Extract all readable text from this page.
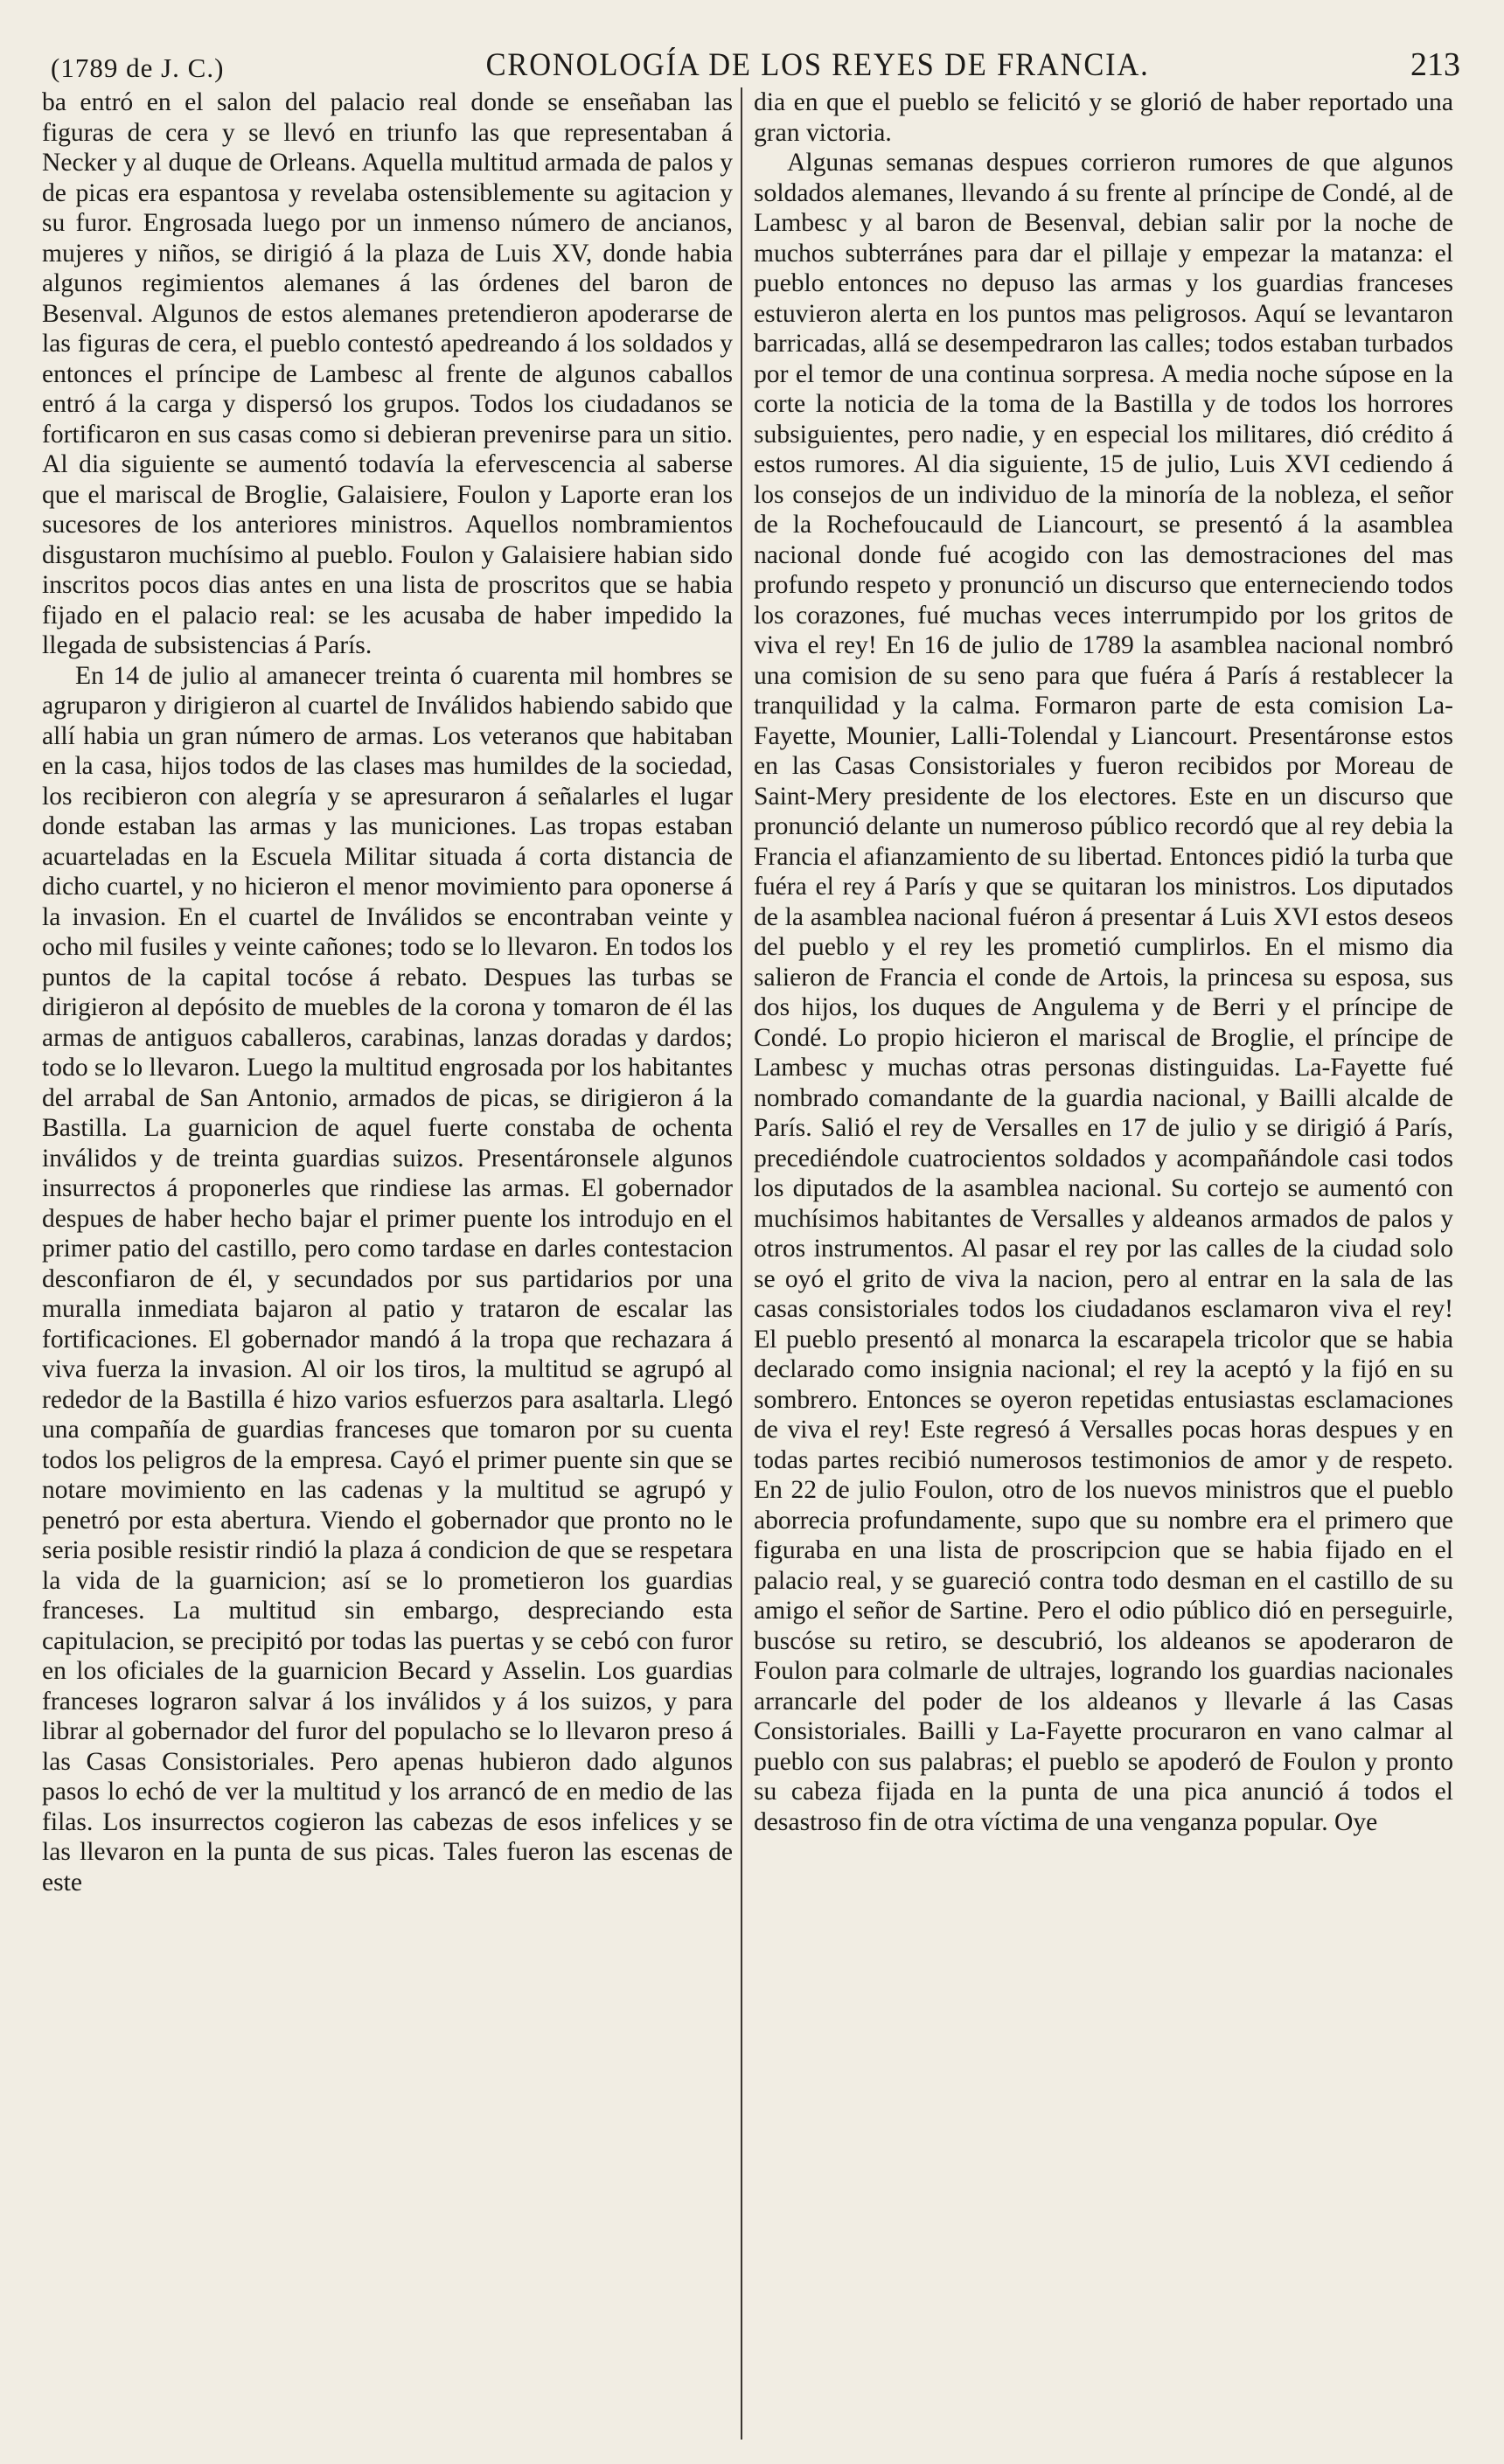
(1789 de J. C.)	CRONOLOGÍA DE LOS REYES DE FRANCIA.	213

ba entró en el salon del palacio real donde se enseñaban las figuras de cera y se llevó en triunfo las que representaban á Necker y al duque de Orleans. Aquella multitud armada de palos y de picas era espantosa y revelaba ostensiblemente su agitacion y su furor. Engrosada luego por un inmenso número de ancianos, mujeres y niños, se dirigió á la plaza de Luis XV, donde habia algunos regimientos alemanes á las órdenes del baron de Besenval. Algunos de estos alemanes pretendieron apoderarse de las figuras de cera, el pueblo contestó apedreando á los soldados y entonces el príncipe de Lambesc al frente de algunos caballos entró á la carga y dispersó los grupos. Todos los ciudadanos se fortificaron en sus casas como si debieran prevenirse para un sitio. Al dia siguiente se aumentó todavía la efervescencia al saberse que el mariscal de Broglie, Galaisiere, Foulon y Laporte eran los sucesores de los anteriores ministros. Aquellos nombramientos disgustaron muchísimo al pueblo. Foulon y Galaisiere habian sido inscritos pocos dias antes en una lista de proscritos que se habia fijado en el palacio real: se les acusaba de haber impedido la llegada de subsistencias á París.

En 14 de julio al amanecer treinta ó cuarenta mil hombres se agruparon y dirigieron al cuartel de Inválidos habiendo sabido que allí habia un gran número de armas. Los veteranos que habitaban en la casa, hijos todos de las clases mas humildes de la sociedad, los recibieron con alegría y se apresuraron á señalarles el lugar donde estaban las armas y las municiones. Las tropas estaban acuarteladas en la Escuela Militar situada á corta distancia de dicho cuartel, y no hicieron el menor movimiento para oponerse á la invasion. En el cuartel de Inválidos se encontraban veinte y ocho mil fusiles y veinte cañones; todo se lo llevaron. En todos los puntos de la capital tocóse á rebato. Despues las turbas se dirigieron al depósito de muebles de la corona y tomaron de él las armas de antiguos caballeros, carabinas, lanzas doradas y dardos; todo se lo llevaron. Luego la multitud engrosada por los habitantes del arrabal de San Antonio, armados de picas, se dirigieron á la Bastilla. La guarnicion de aquel fuerte constaba de ochenta inválidos y de treinta guardias suizos. Presentáronsele algunos insurrectos á proponerles que rindiese las armas. El gobernador despues de haber hecho bajar el primer puente los introdujo en el primer patio del castillo, pero como tardase en darles contestacion desconfiaron de él, y secundados por sus partidarios por una muralla inmediata bajaron al patio y trataron de escalar las fortificaciones. El gobernador mandó á la tropa que rechazara á viva fuerza la invasion. Al oir los tiros, la multitud se agrupó al rededor de la Bastilla é hizo varios esfuerzos para asaltarla. Llegó una compañía de guardias franceses que tomaron por su cuenta todos los peligros de la empresa. Cayó el primer puente sin que se notare movimiento en las cadenas y la multitud se agrupó y penetró por esta abertura. Viendo el gobernador que pronto no le seria posible resistir rindió la plaza á condicion de que se respetara la vida de la guarnicion; así se lo prometieron los guardias franceses. La multitud sin embargo, despreciando esta capitulacion, se precipitó por todas las puertas y se cebó con furor en los oficiales de la guarnicion Becard y Asselin. Los guardias franceses lograron salvar á los inválidos y á los suizos, y para librar al gobernador del furor del populacho se lo llevaron preso á las Casas Consistoriales. Pero apenas hubieron dado algunos pasos lo echó de ver la multitud y los arrancó de en medio de las filas. Los insurrectos cogieron las cabezas de esos infelices y se las llevaron en la punta de sus picas. Tales fueron las escenas de este

dia en que el pueblo se felicitó y se glorió de haber reportado una gran victoria.

Algunas semanas despues corrieron rumores de que algunos soldados alemanes, llevando á su frente al príncipe de Condé, al de Lambesc y al baron de Besenval, debian salir por la noche de muchos subterránes para dar el pillaje y empezar la matanza: el pueblo entonces no depuso las armas y los guardias franceses estuvieron alerta en los puntos mas peligrosos. Aquí se levantaron barricadas, allá se desempedraron las calles; todos estaban turbados por el temor de una continua sorpresa. A media noche súpose en la corte la noticia de la toma de la Bastilla y de todos los horrores subsiguientes, pero nadie, y en especial los militares, dió crédito á estos rumores. Al dia siguiente, 15 de julio, Luis XVI cediendo á los consejos de un individuo de la minoría de la nobleza, el señor de la Rochefoucauld de Liancourt, se presentó á la asamblea nacional donde fué acogido con las demostraciones del mas profundo respeto y pronunció un discurso que enterneciendo todos los corazones, fué muchas veces interrumpido por los gritos de viva el rey! En 16 de julio de 1789 la asamblea nacional nombró una comision de su seno para que fuéra á París á restablecer la tranquilidad y la calma. Formaron parte de esta comision La-Fayette, Mounier, Lalli-Tolendal y Liancourt. Presentáronse estos en las Casas Consistoriales y fueron recibidos por Moreau de Saint-Mery presidente de los electores. Este en un discurso que pronunció delante un numeroso público recordó que al rey debia la Francia el afianzamiento de su libertad. Entonces pidió la turba que fuéra el rey á París y que se quitaran los ministros. Los diputados de la asamblea nacional fuéron á presentar á Luis XVI estos deseos del pueblo y el rey les prometió cumplirlos. En el mismo dia salieron de Francia el conde de Artois, la princesa su esposa, sus dos hijos, los duques de Angulema y de Berri y el príncipe de Condé. Lo propio hicieron el mariscal de Broglie, el príncipe de Lambesc y muchas otras personas distinguidas. La-Fayette fué nombrado comandante de la guardia nacional, y Bailli alcalde de París. Salió el rey de Versalles en 17 de julio y se dirigió á París, precediéndole cuatrocientos soldados y acompañándole casi todos los diputados de la asamblea nacional. Su cortejo se aumentó con muchísimos habitantes de Versalles y aldeanos armados de palos y otros instrumentos. Al pasar el rey por las calles de la ciudad solo se oyó el grito de viva la nacion, pero al entrar en la sala de las casas consistoriales todos los ciudadanos esclamaron viva el rey! El pueblo presentó al monarca la escarapela tricolor que se habia declarado como insignia nacional; el rey la aceptó y la fijó en su sombrero. Entonces se oyeron repetidas entusiastas esclamaciones de viva el rey! Este regresó á Versalles pocas horas despues y en todas partes recibió numerosos testimonios de amor y de respeto. En 22 de julio Foulon, otro de los nuevos ministros que el pueblo aborrecia profundamente, supo que su nombre era el primero que figuraba en una lista de proscripcion que se habia fijado en el palacio real, y se guareció contra todo desman en el castillo de su amigo el señor de Sartine. Pero el odio público dió en perseguirle, buscóse su retiro, se descubrió, los aldeanos se apoderaron de Foulon para colmarle de ultrajes, logrando los guardias nacionales arrancarle del poder de los aldeanos y llevarle á las Casas Consistoriales. Bailli y La-Fayette procuraron en vano calmar al pueblo con sus palabras; el pueblo se apoderó de Foulon y pronto su cabeza fijada en la punta de una pica anunció á todos el desastroso fin de otra víctima de una venganza popular. Oye
